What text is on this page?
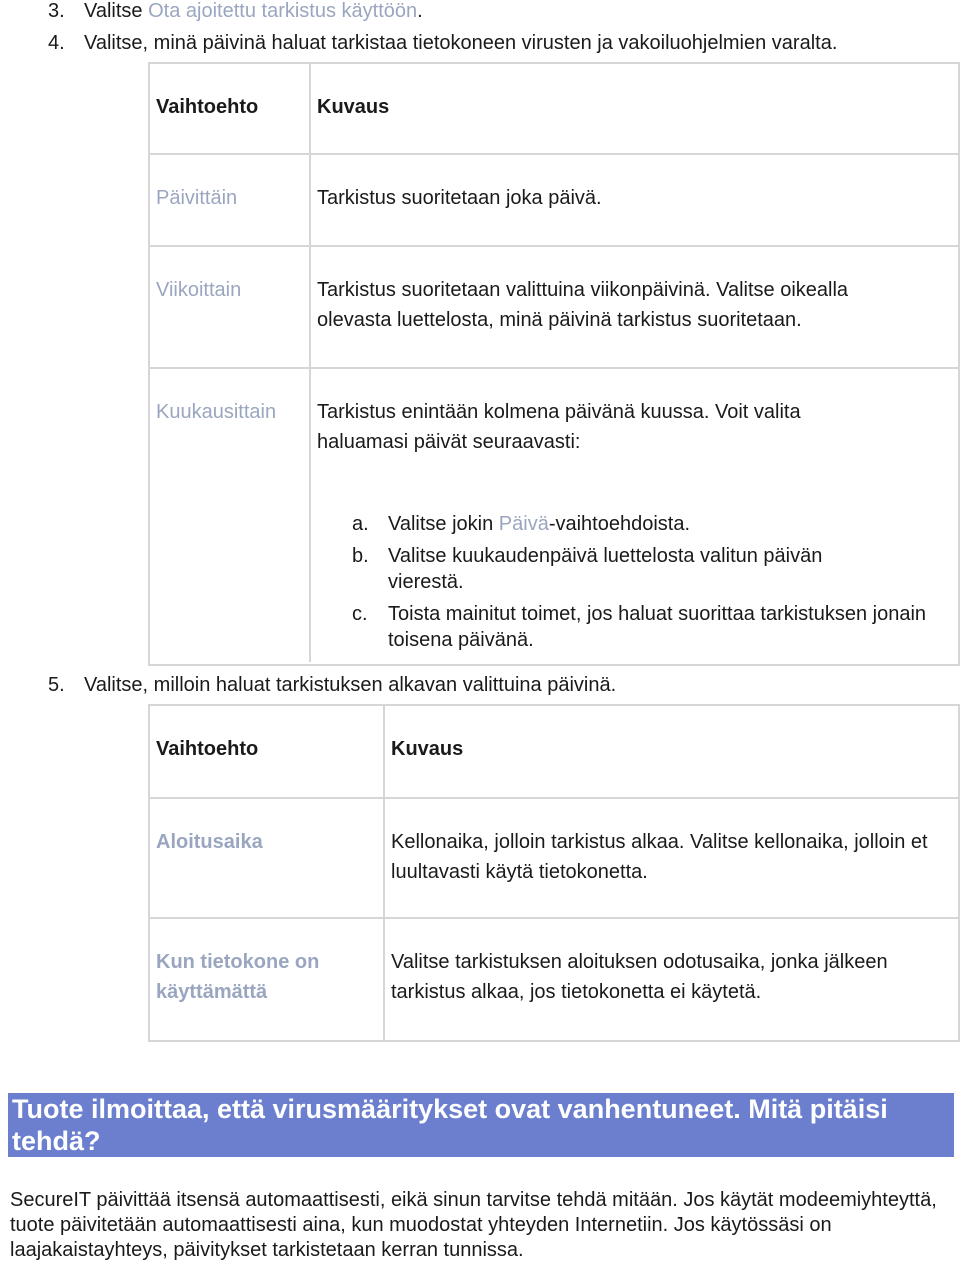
3. Valitse Ota ajoitettu tarkistus käyttöön.
4. Valitse, minä päivinä haluat tarkistaa tietokoneen virusten ja vakoiluohjelmien varalta.
Vaihtoehto	Kuvaus
Päivittäin	Tarkistus suoritetaan joka päivä.
Viikoittain	Tarkistus suoritetaan valittuina viikonpäivinä. Valitse oikealla olevasta luettelosta, minä päivinä tarkistus suoritetaan.

Kuukausittain	Tarkistus enintään kolmena päivänä kuussa. Voit valita haluamasi päivät seuraavasti:
a. Valitse jokin Päivä-vaihtoehdoista.
b. Valitse kuukaudenpäivä luettelosta valitun päivän vierestä.
c. Toista mainitut toimet, jos haluat suorittaa tarkistuksen jonain toisena päivänä.
5. Valitse, milloin haluat tarkistuksen alkavan valittuina päivinä.
Vaihtoehto	Kuvaus
Aloitusaika	Kellonaika, jolloin tarkistus alkaa. Valitse kellonaika, jolloin et luultavasti käytä tietokonetta.

Kun tietokone on käyttämättä	Valitse tarkistuksen aloituksen odotusaika, jonka jälkeen tarkistus alkaa, jos tietokonetta ei käytetä.
Tuote ilmoittaa, että virusmääritykset ovat vanhentuneet. Mitä pitäisi tehdä?
SecureIT päivittää itsensä automaattisesti, eikä sinun tarvitse tehdä mitään. Jos käytät modeemiyhteyttä, tuote päivitetään automaattisesti aina, kun muodostat yhteyden Internetiin. Jos käytössäsi on laajakaistayhteys, päivitykset tarkistetaan kerran tunnissa.
